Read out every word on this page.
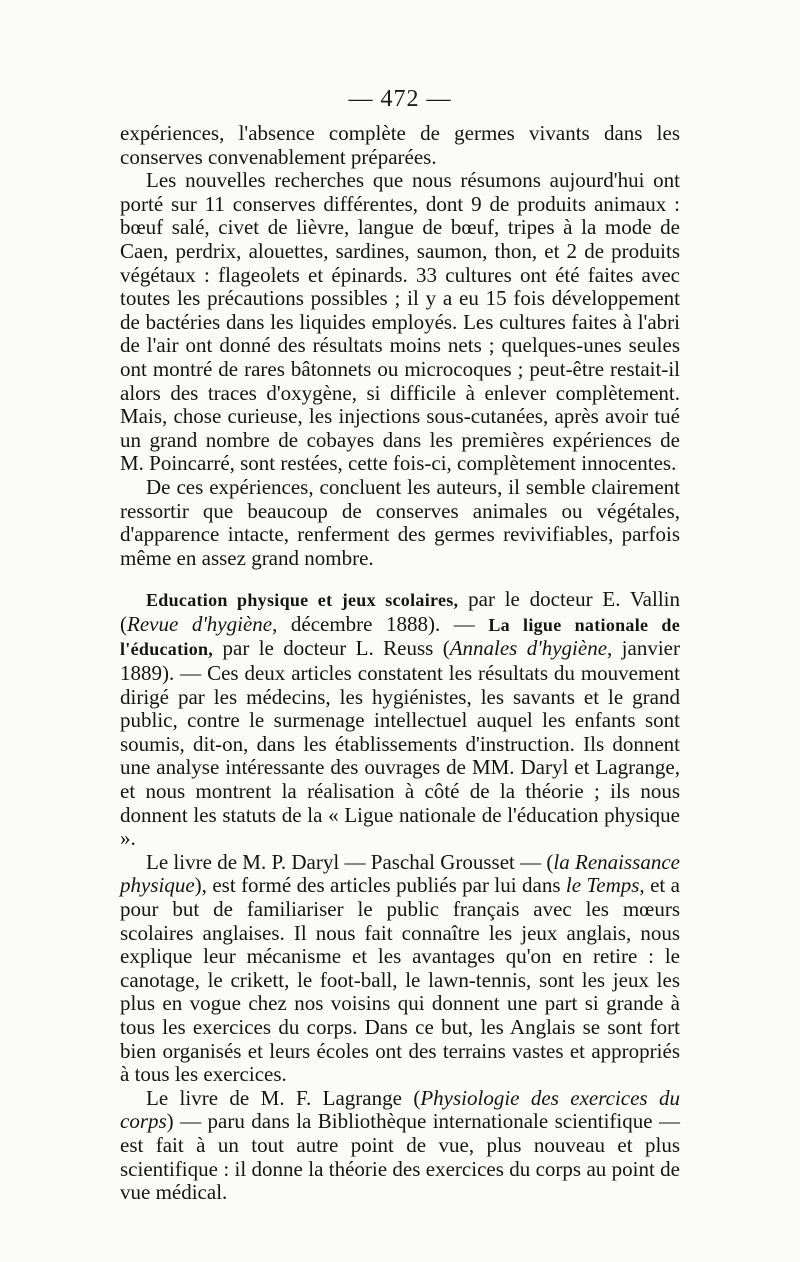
— 472 —

expériences, l'absence complète de germes vivants dans les conserves convenablement préparées.

Les nouvelles recherches que nous résumons aujourd'hui ont porté sur 11 conserves différentes, dont 9 de produits animaux : bœuf salé, civet de lièvre, langue de bœuf, tripes à la mode de Caen, perdrix, alouettes, sardines, saumon, thon, et 2 de produits végétaux : flageolets et épinards. 33 cultures ont été faites avec toutes les précautions possibles ; il y a eu 15 fois développement de bactéries dans les liquides employés. Les cultures faites à l'abri de l'air ont donné des résultats moins nets ; quelques-unes seules ont montré de rares bâtonnets ou microcoques ; peut-être restait-il alors des traces d'oxygène, si difficile à enlever complètement. Mais, chose curieuse, les injections sous-cutanées, après avoir tué un grand nombre de cobayes dans les premières expériences de M. Poincarré, sont restées, cette fois-ci, complètement innocentes.

De ces expériences, concluent les auteurs, il semble clairement ressortir que beaucoup de conserves animales ou végétales, d'apparence intacte, renferment des germes revivifiables, parfois même en assez grand nombre.

Education physique et jeux scolaires, par le docteur E. Vallin (Revue d'hygiène, décembre 1888). — La ligue nationale de l'éducation, par le docteur L. Reuss (Annales d'hygiène, janvier 1889). — Ces deux articles constatent les résultats du mouvement dirigé par les médecins, les hygiénistes, les savants et le grand public, contre le surmenage intellectuel auquel les enfants sont soumis, dit-on, dans les établissements d'instruction. Ils donnent une analyse intéressante des ouvrages de MM. Daryl et Lagrange, et nous montrent la réalisation à côté de la théorie ; ils nous donnent les statuts de la « Ligue nationale de l'éducation physique ».

Le livre de M. P. Daryl — Paschal Grousset — (la Renaissance physique), est formé des articles publiés par lui dans le Temps, et a pour but de familiariser le public français avec les mœurs scolaires anglaises. Il nous fait connaître les jeux anglais, nous explique leur mécanisme et les avantages qu'on en retire : le canotage, le crikett, le foot-ball, le lawn-tennis, sont les jeux les plus en vogue chez nos voisins qui donnent une part si grande à tous les exercices du corps. Dans ce but, les Anglais se sont fort bien organisés et leurs écoles ont des terrains vastes et appropriés à tous les exercices.

Le livre de M. F. Lagrange (Physiologie des exercices du corps) — paru dans la Bibliothèque internationale scientifique — est fait à un tout autre point de vue, plus nouveau et plus scientifique : il donne la théorie des exercices du corps au point de vue médical.
